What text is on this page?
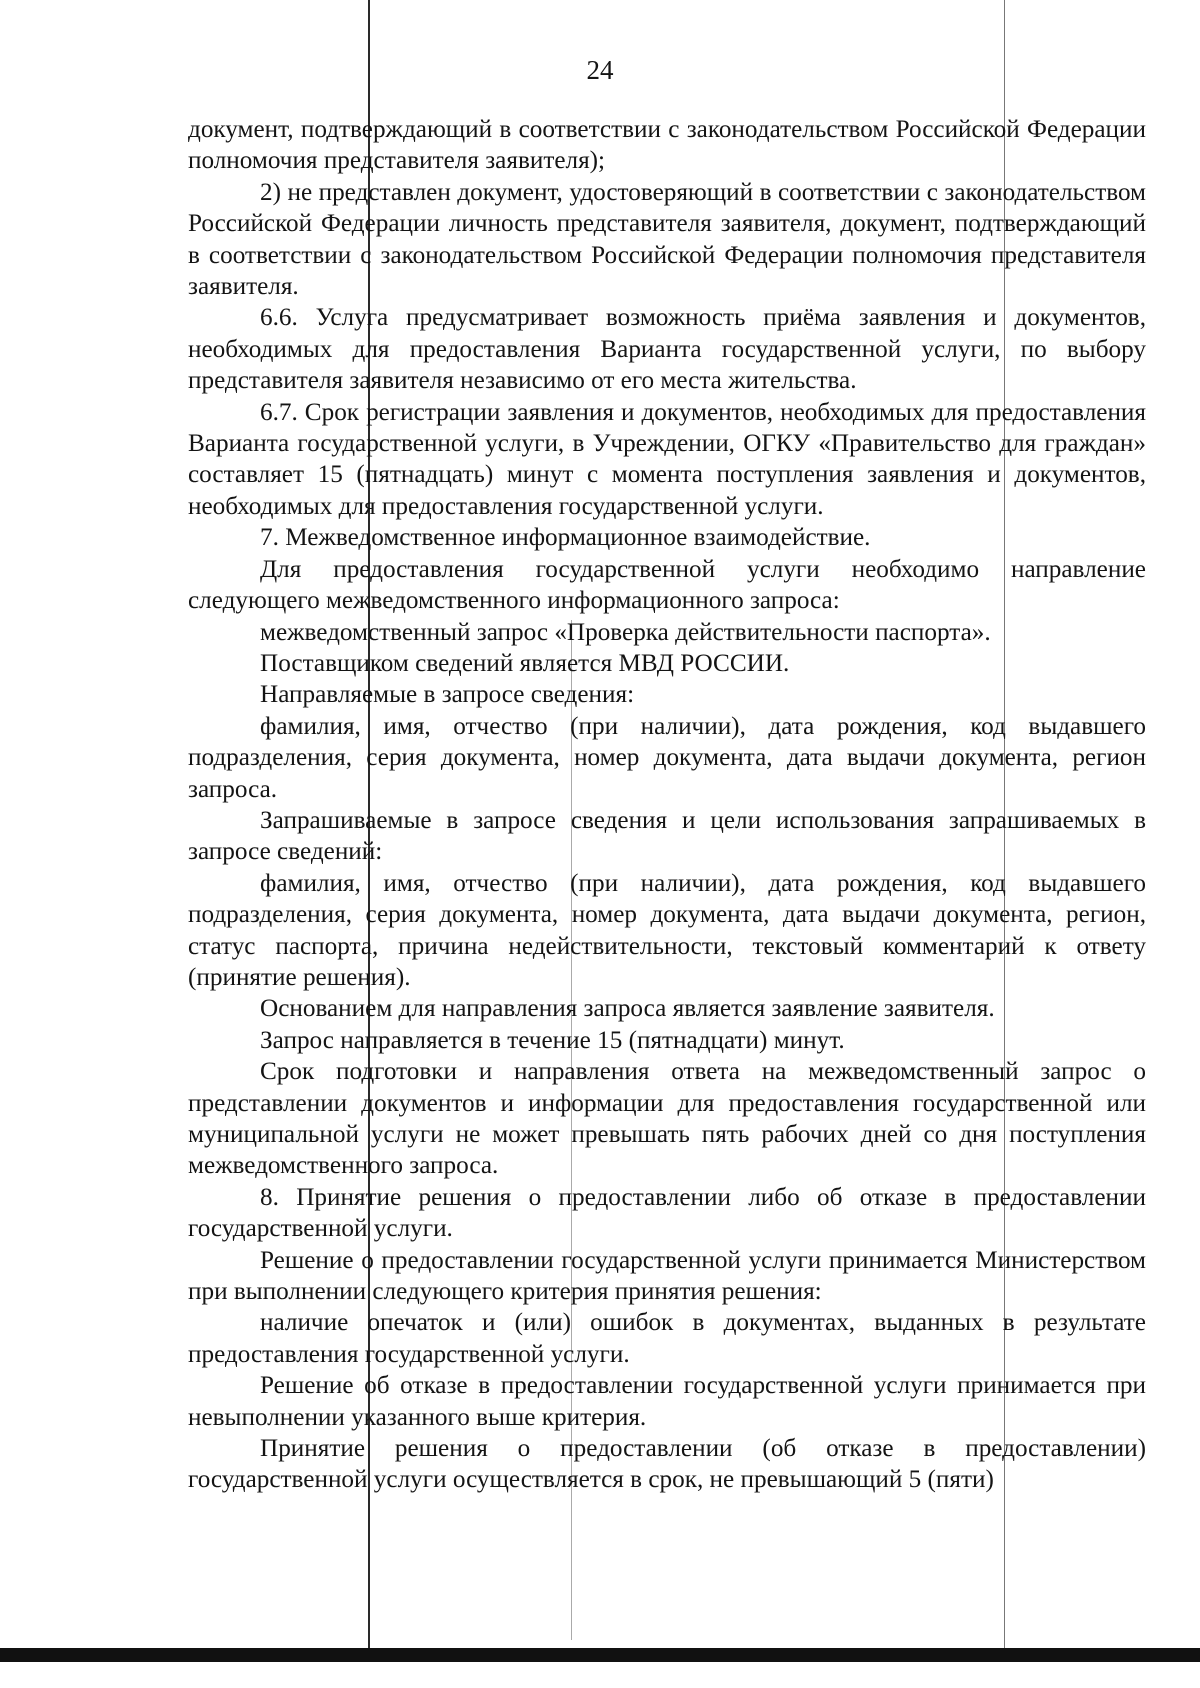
24

документ, подтверждающий в соответствии с законодательством Российской Федерации полномочия представителя заявителя);

2) не представлен документ, удостоверяющий в соответствии с законодательством Российской Федерации личность представителя заявителя, документ, подтверждающий в соответствии с законодательством Российской Федерации полномочия представителя заявителя.

6.6. Услуга предусматривает возможность приёма заявления и документов, необходимых для предоставления Варианта государственной услуги, по выбору представителя заявителя независимо от его места жительства.

6.7. Срок регистрации заявления и документов, необходимых для предоставления Варианта государственной услуги, в Учреждении, ОГКУ «Правительство для граждан» составляет 15 (пятнадцать) минут с момента поступления заявления и документов, необходимых для предоставления государственной услуги.

7. Межведомственное информационное взаимодействие.

Для предоставления государственной услуги необходимо направление следующего межведомственного информационного запроса:

межведомственный запрос «Проверка действительности паспорта».

Поставщиком сведений является МВД РОССИИ.

Направляемые в запросе сведения:

фамилия, имя, отчество (при наличии), дата рождения, код выдавшего подразделения, серия документа, номер документа, дата выдачи документа, регион запроса.

Запрашиваемые в запросе сведения и цели использования запрашиваемых в запросе сведений:

фамилия, имя, отчество (при наличии), дата рождения, код выдавшего подразделения, серия документа, номер документа, дата выдачи документа, регион, статус паспорта, причина недействительности, текстовый комментарий к ответу (принятие решения).

Основанием для направления запроса является заявление заявителя.

Запрос направляется в течение 15 (пятнадцати) минут.

Срок подготовки и направления ответа на межведомственный запрос о представлении документов и информации для предоставления государственной или муниципальной услуги не может превышать пять рабочих дней со дня поступления межведомственного запроса.

8. Принятие решения о предоставлении либо об отказе в предоставлении государственной услуги.

Решение о предоставлении государственной услуги принимается Министерством при выполнении следующего критерия принятия решения:

наличие опечаток и (или) ошибок в документах, выданных в результате предоставления государственной услуги.

Решение об отказе в предоставлении государственной услуги принимается при невыполнении указанного выше критерия.

Принятие решения о предоставлении (об отказе в предоставлении) государственной услуги осуществляется в срок, не превышающий 5 (пяти)
